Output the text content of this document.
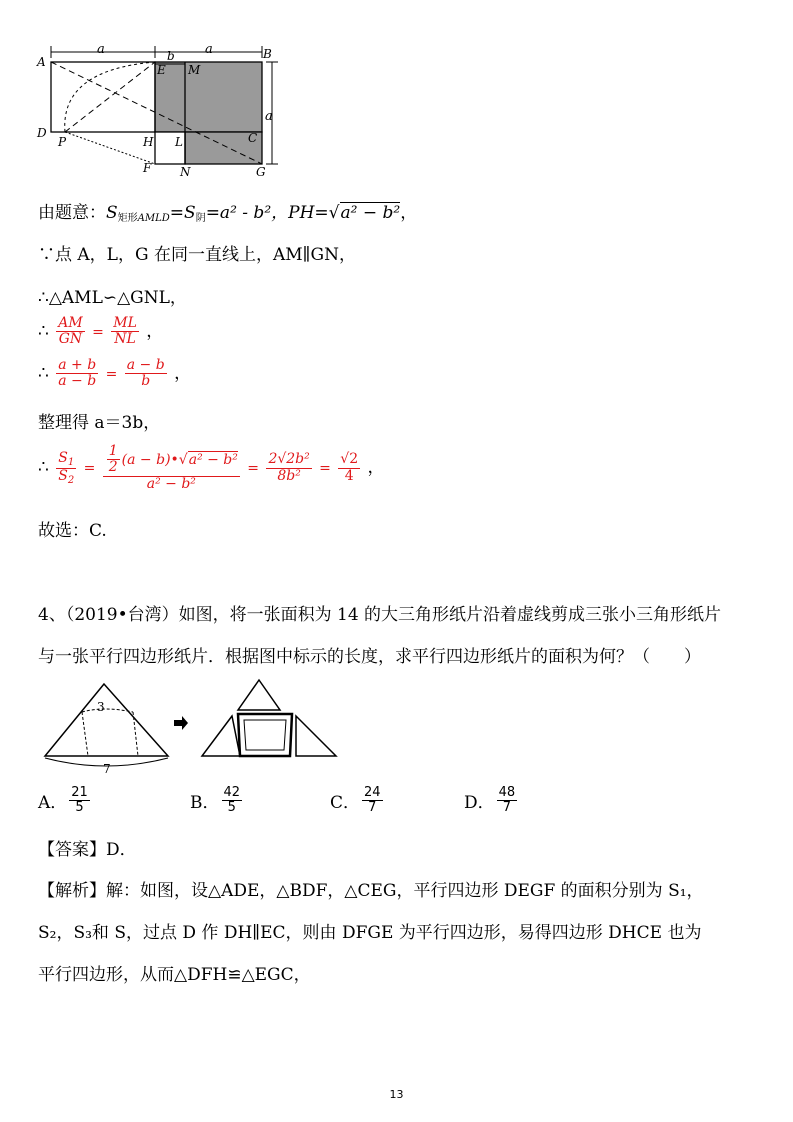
a	b a
a
A
B
C
D
E M
P	H L
F N	G
由题意：$S_{矩形AMLD}=S_阴=a^2 - b^2$，PH=√a² − b²，
∵点 A，L，G 在同一直线上，AM∥GN，
∴△AML∽△GNL，
∴ $\frac{AM}{GN} = \frac{ML}{NL}$ ，
∴ $\frac{a + b}{a - b} = \frac{a - b}{b}$ ，
整理得 a＝3b，
∴ $\frac{S_1}{S_2} = \frac{\frac{1}{2} (a - b)•√a^2 - b^2}{\text{a² − b²}} = \frac{\text{2√2b²}}{\text{8b²}} = \frac{√2}{4}$ ，
故选：C.
4、（2019•台湾）如图，将一张面积为 14 的大三角形纸片沿着虚线剪成三张小三角形纸片
与一张平行四边形纸片．根据图中标示的长度，求平行四边形纸片的面积为何？（　　）
3
7
A． $\frac{21}{5}$	B． $\frac{42}{5}$	C． $\frac{24}{7}$	D． $\frac{48}{7}$
【答案】D．
【解析】解：如图，设△ADE，△BDF，△CEG，平行四边形 DEGF 的面积分别为 S₁，
S₂，S₃和 S，过点 D 作 DH∥EC，则由 DFGE 为平行四边形，易得四边形 DHCE 也为
平行四边形，从而△DFH≌△EGC，
13
